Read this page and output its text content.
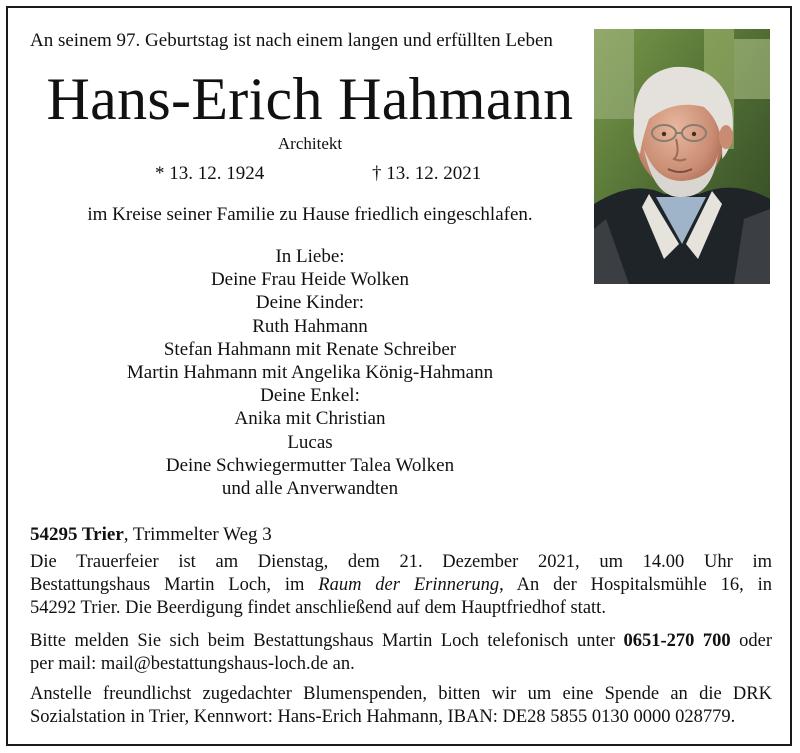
An seinem 97. Geburtstag ist nach einem langen und erfüllten Leben
Hans-Erich Hahmann
Architekt
* 13. 12. 1924	† 13. 12. 2021
im Kreise seiner Familie zu Hause friedlich eingeschlafen.
In Liebe:
Deine Frau Heide Wolken
Deine Kinder:
Ruth Hahmann
Stefan Hahmann mit Renate Schreiber
Martin Hahmann mit Angelika König-Hahmann
Deine Enkel:
Anika mit Christian
Lucas
Deine Schwiegermutter Talea Wolken
und alle Anverwandten
54295 Trier, Trimmelter Weg 3
Die Trauerfeier ist am Dienstag, dem 21. Dezember 2021, um 14.00 Uhr im
Bestattungshaus Martin Loch, im Raum der Erinnerung, An der Hospitalsmühle 16, in
54292 Trier. Die Beerdigung findet anschließend auf dem Hauptfriedhof statt.
Bitte melden Sie sich beim Bestattungshaus Martin Loch telefonisch unter 0651-270 700 oder
per mail: mail@bestattungshaus-loch.de an.
Anstelle freundlichst zugedachter Blumenspenden, bitten wir um eine Spende an die DRK
Sozialstation in Trier, Kennwort: Hans-Erich Hahmann, IBAN: DE28 5855 0130 0000 028779.
